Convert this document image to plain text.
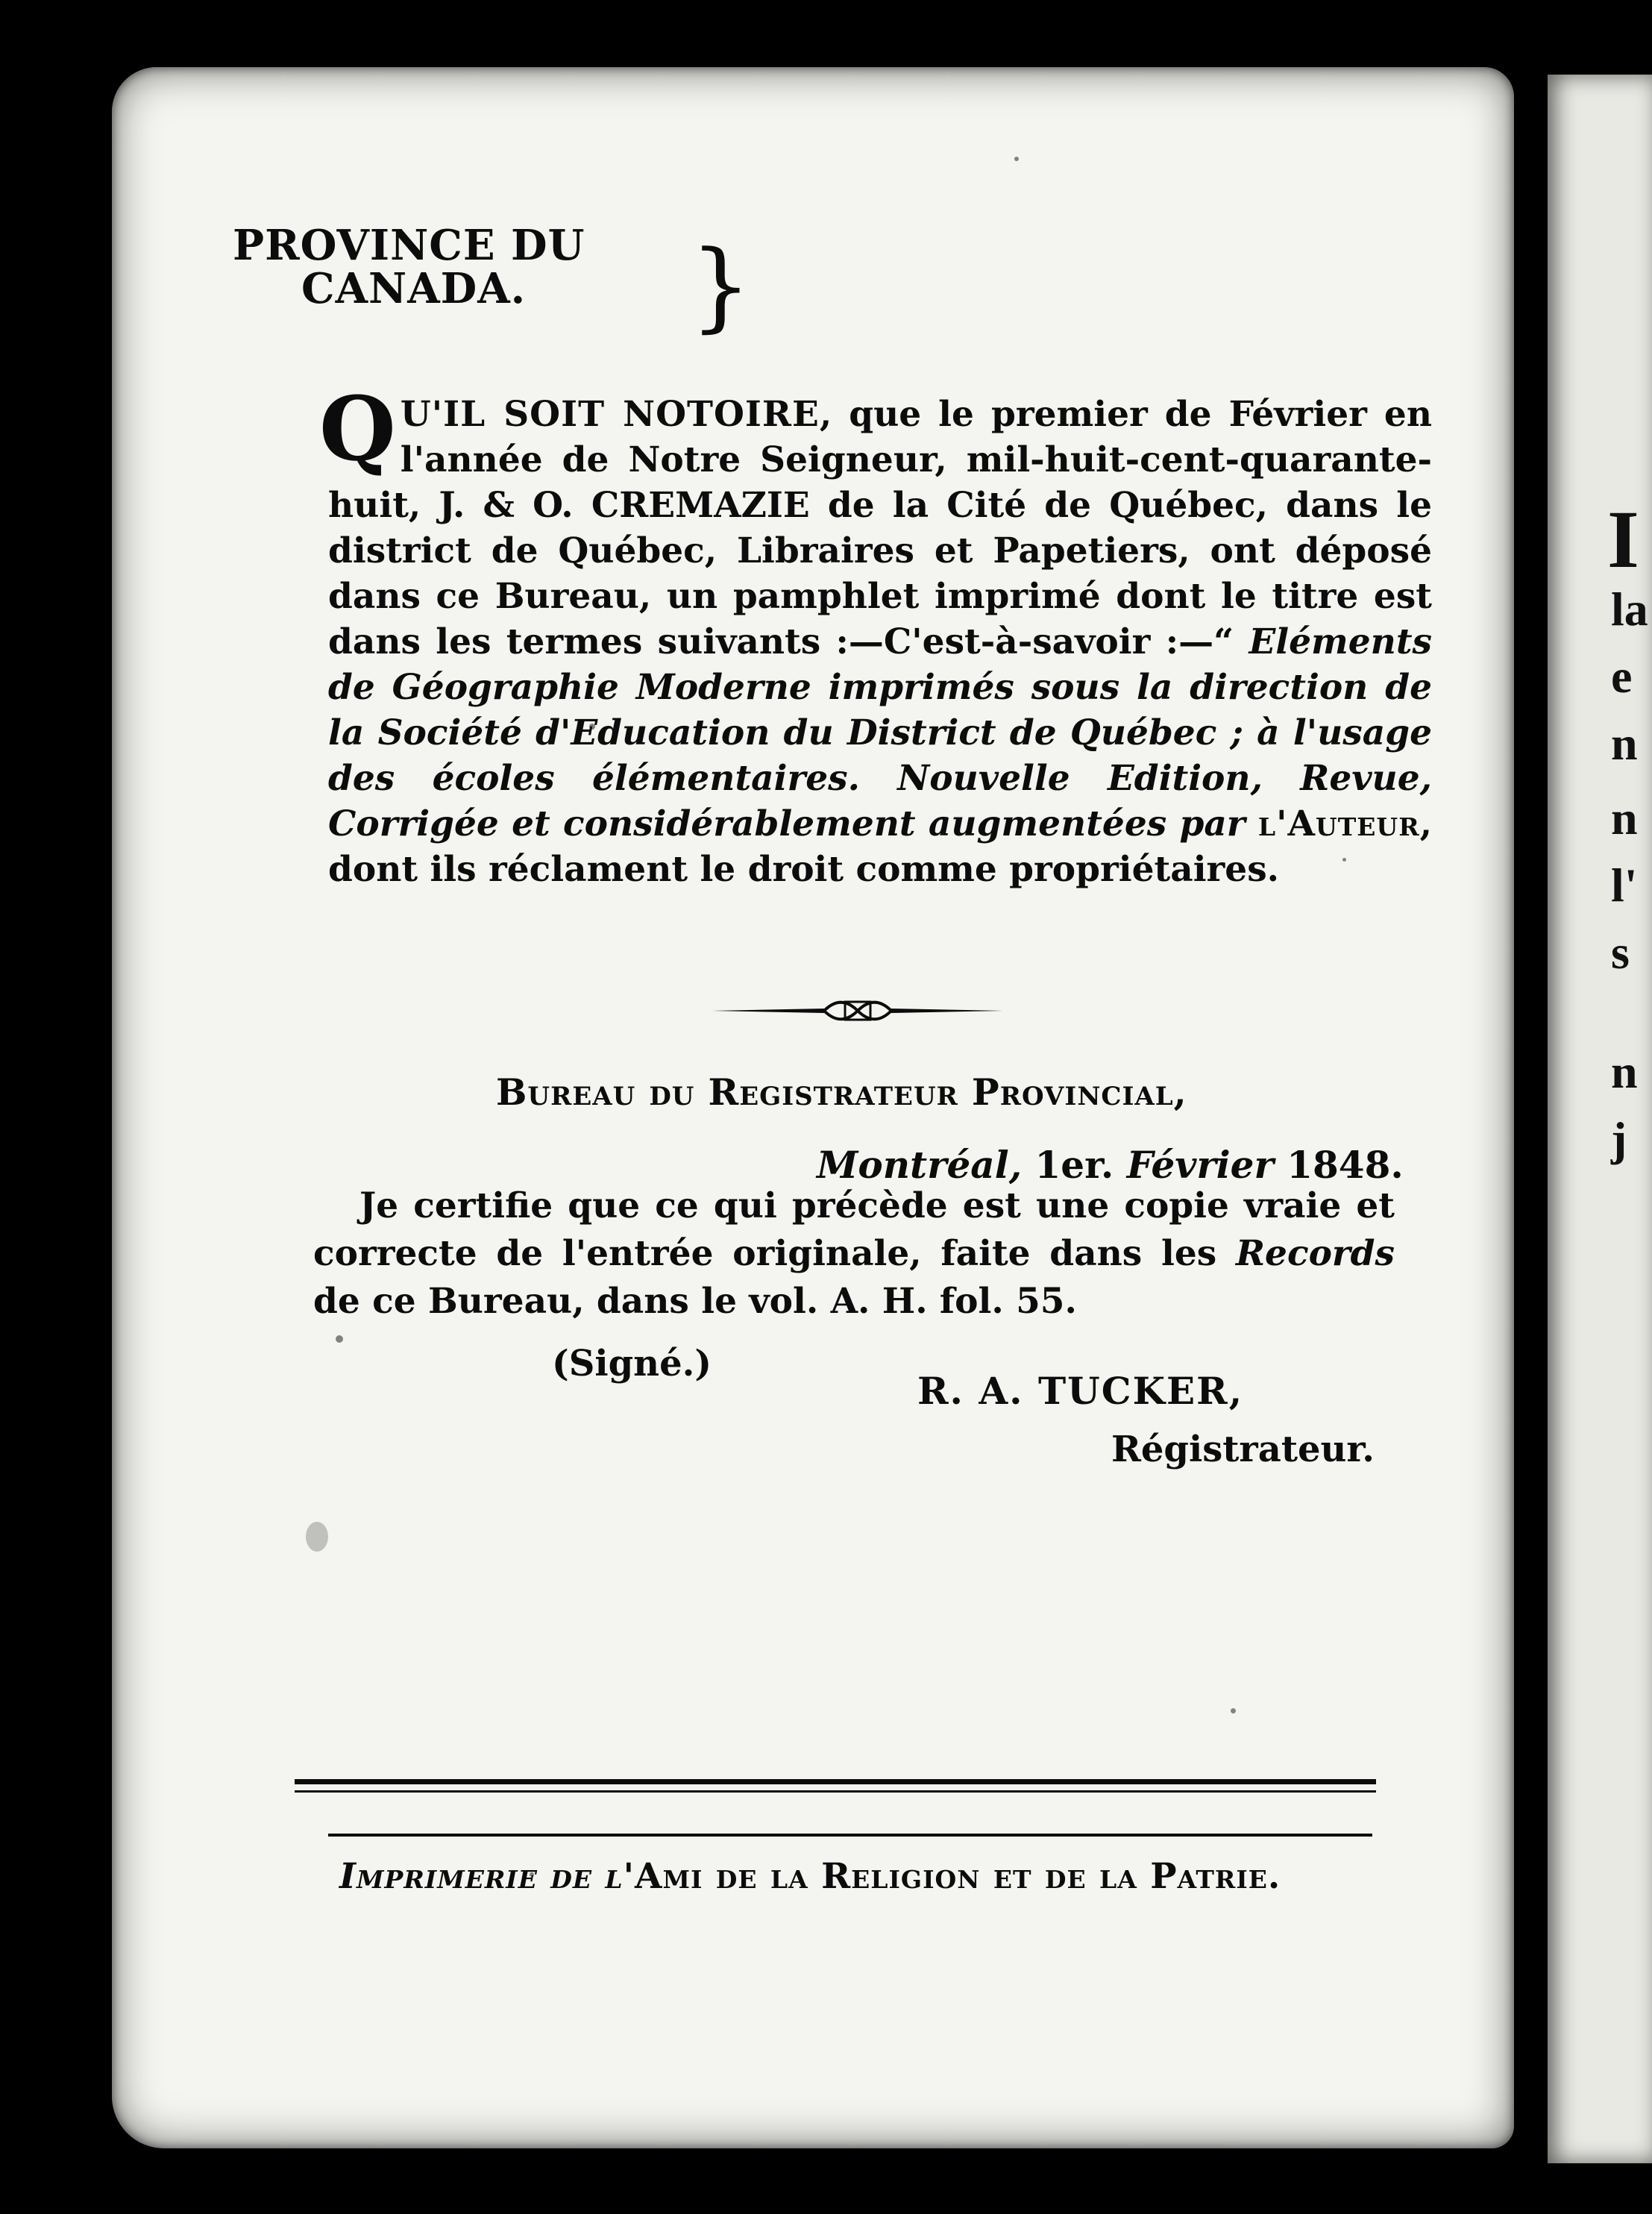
I
la
e
n
n
l'
s
n
j
PROVINCE DU
CANADA.	}
Q U'IL SOIT NOTOIRE, que le premier de Février en l'année de Notre Seigneur, mil-huit-cent-quarante-huit, J. & O. CREMAZIE de la Cité de Québec, dans le district de Québec, Libraires et Papetiers, ont déposé dans ce Bureau, un pamphlet imprimé dont le titre est dans les termes suivants :—C'est-à-savoir :—“ Eléments de Géographie Moderne imprimés sous la direction de la Société d'Education du District de Québec ; à l'usage des écoles élémentaires. Nouvelle Edition, Revue, Corrigée et considérablement augmentées par l'Auteur, dont ils réclament le droit comme propriétaires.
Bureau du Registrateur Provincial,
Montréal, 1er. Février 1848.
Je certifie que ce qui précède est une copie vraie et correcte de l'entrée originale, faite dans les Records de ce Bureau, dans le vol. A. H. fol. 55.
(Signé.)
R. A. TUCKER,
Régistrateur.
Imprimerie de l'Ami de la Religion et de la Patrie.
